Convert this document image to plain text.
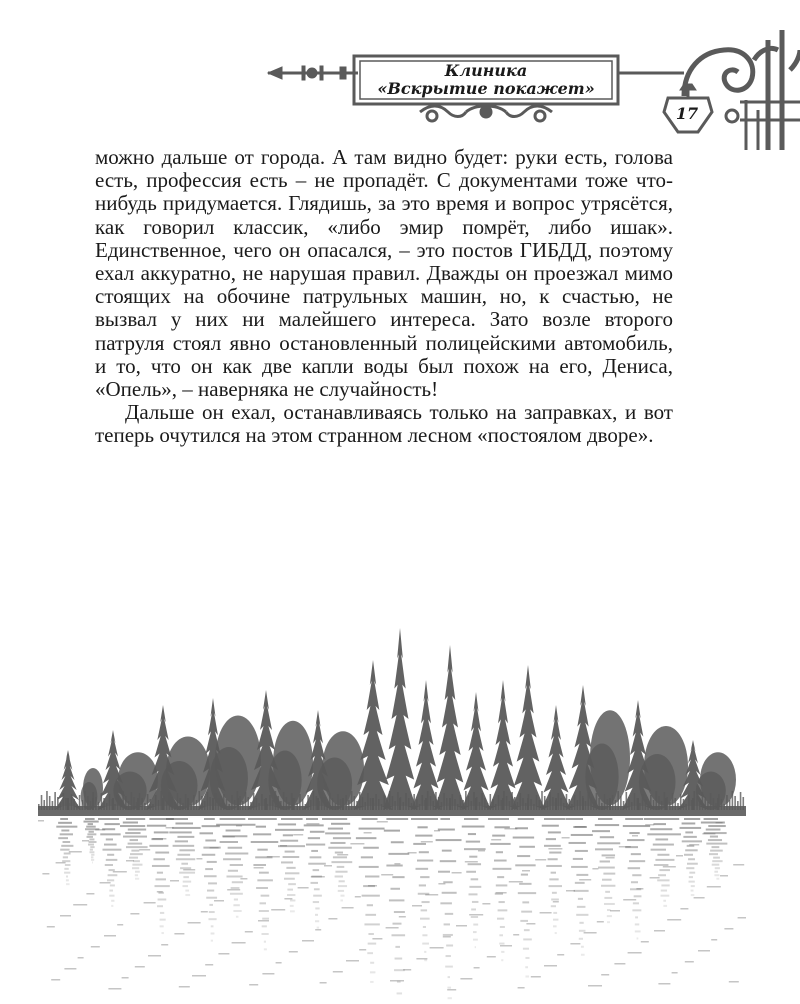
Клиника
«Вскрытие покажет»
17

можно дальше от города. А там видно будет: руки есть, голова есть, профессия есть – не пропадёт. С документами тоже что-нибудь придумается. Глядишь, за это время и вопрос утрясётся, как говорил классик, «либо эмир помрёт, либо ишак». Единственное, чего он опасался, – это постов ГИБДД, поэтому ехал аккуратно, не нарушая правил. Дважды он проезжал мимо стоящих на обочине патрульных машин, но, к счастью, не вызвал у них ни малейшего интереса. Зато возле второго патруля стоял явно остановленный полицейскими автомобиль, и то, что он как две капли воды был похож на его, Дениса, «Опель», – наверняка не случайность!

Дальше он ехал, останавливаясь только на заправках, и вот теперь очутился на этом странном лесном «постоялом дворе».
